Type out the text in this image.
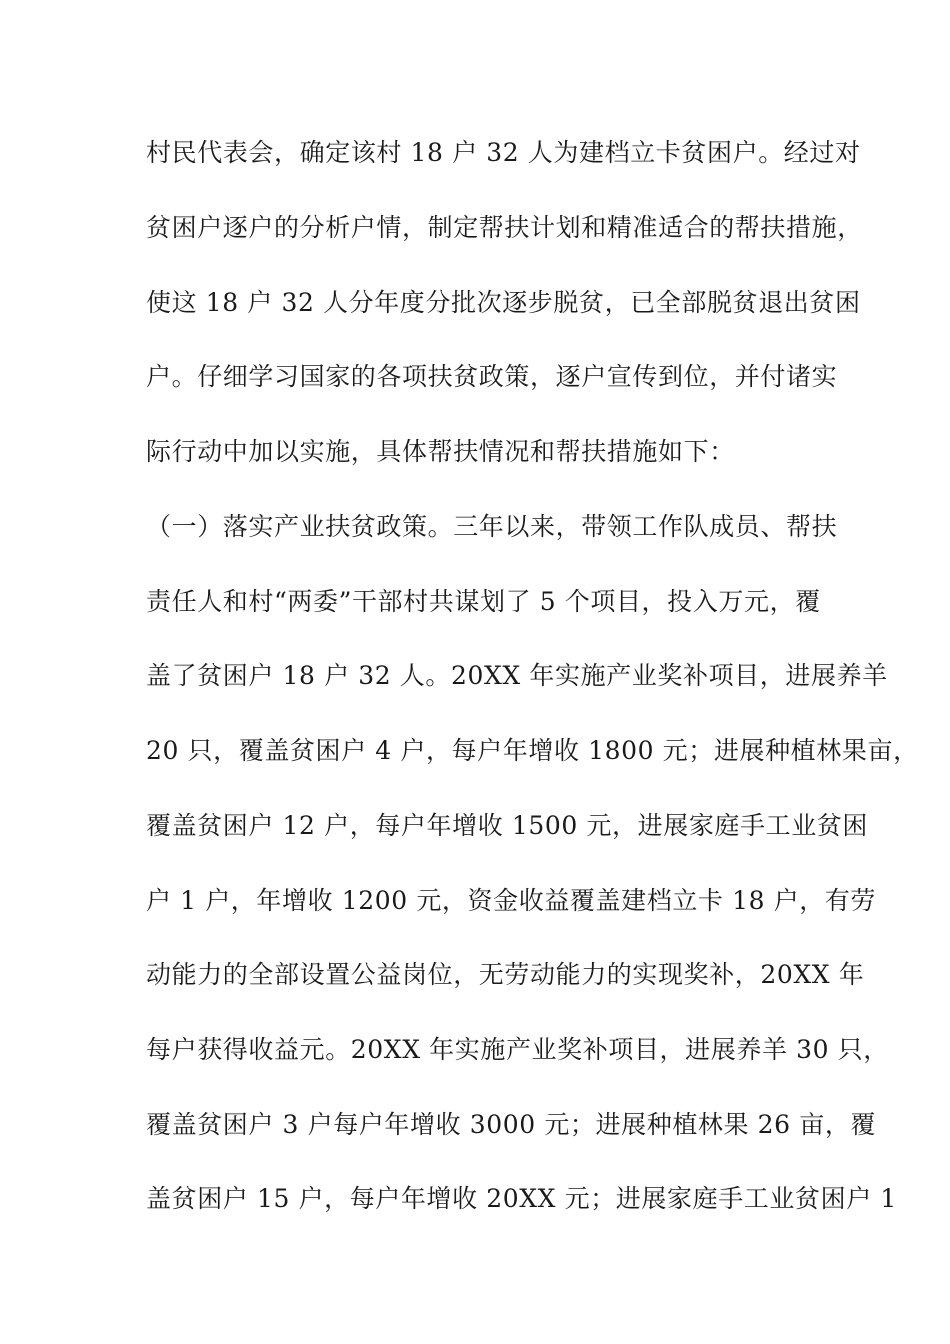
村民代表会，确定该村 18 户 32 人为建档立卡贫困户。经过对
贫困户逐户的分析户情，制定帮扶计划和精准适合的帮扶措施，
使这 18 户 32 人分年度分批次逐步脱贫，已全部脱贫退出贫困
户。仔细学习国家的各项扶贫政策，逐户宣传到位，并付诸实
际行动中加以实施，具体帮扶情况和帮扶措施如下：
（一）落实产业扶贫政策。三年以来，带领工作队成员、帮扶
责任人和村“两委”干部村共谋划了 5 个项目，投入万元，覆
盖了贫困户 18 户 32 人。20XX 年实施产业奖补项目，进展养羊
20 只，覆盖贫困户 4 户，每户年增收 1800 元；进展种植林果亩，
覆盖贫困户 12 户，每户年增收 1500 元，进展家庭手工业贫困
户 1 户，年增收 1200 元，资金收益覆盖建档立卡 18 户，有劳
动能力的全部设置公益岗位，无劳动能力的实现奖补，20XX 年
每户获得收益元。20XX 年实施产业奖补项目，进展养羊 30 只，
覆盖贫困户 3 户每户年增收 3000 元；进展种植林果 26 亩，覆
盖贫困户 15 户，每户年增收 20XX 元；进展家庭手工业贫困户 1
